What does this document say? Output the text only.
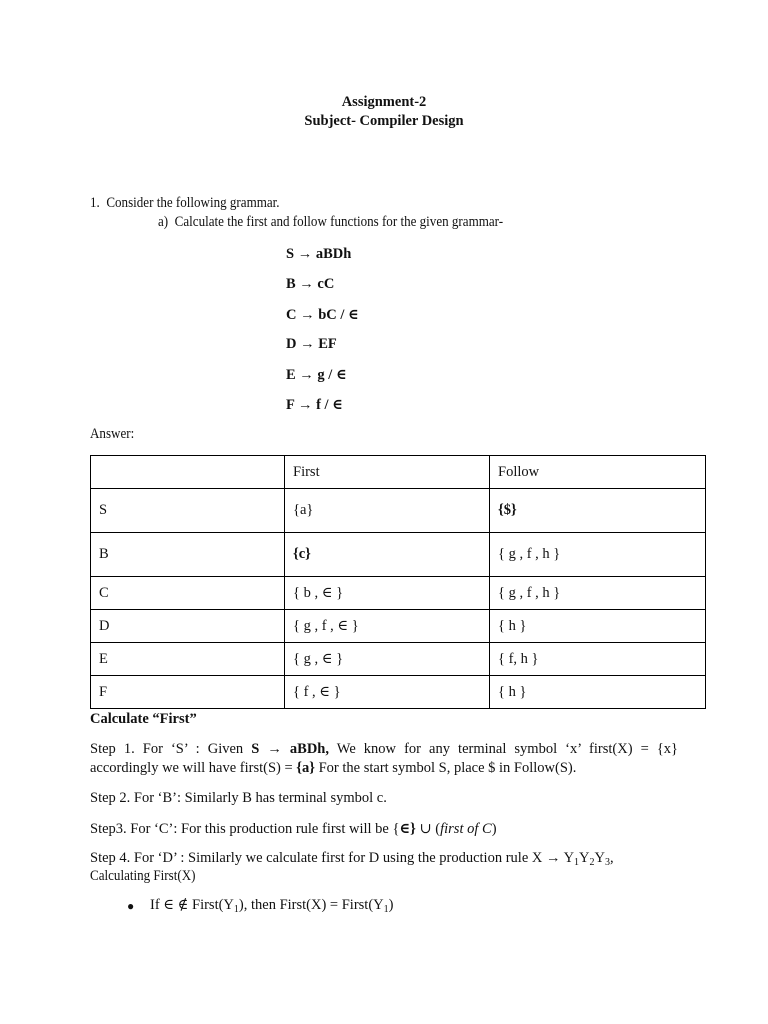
Assignment-2
Subject- Compiler Design
1. Consider the following grammar.
a) Calculate the first and follow functions for the given grammar-
S → aBDh
B → cC
C → bC / ∈
D → EF
E → g / ∈
F → f / ∈
Answer:
	First	Follow
S	{a}	{$}
B	{c}	{ g , f , h }
C	{ b , ∈ }	{ g , f , h }
D	{ g , f , ∈ }	{ h }
E	{ g , ∈ }	{ f, h }
F	{ f , ∈ }	{ h }
Calculate “First”
Step 1. For ‘S’ : Given S → aBDh, We know for any terminal symbol ‘x’ first(X) = {x}
accordingly we will have first(S) = {a} For the start symbol S, place $ in Follow(S).
Step 2. For ‘B’: Similarly B has terminal symbol c.
Step3. For ‘C’: For this production rule first will be {∈} ∪ (first of C)
Step 4. For ‘D’ : Similarly we calculate first for D using the production rule $X \to Y_1Y_2Y_3$,
Calculating First(X)
● If ∈ ∉ $First(Y_1)$, then First(X) = $First(Y_1)$
